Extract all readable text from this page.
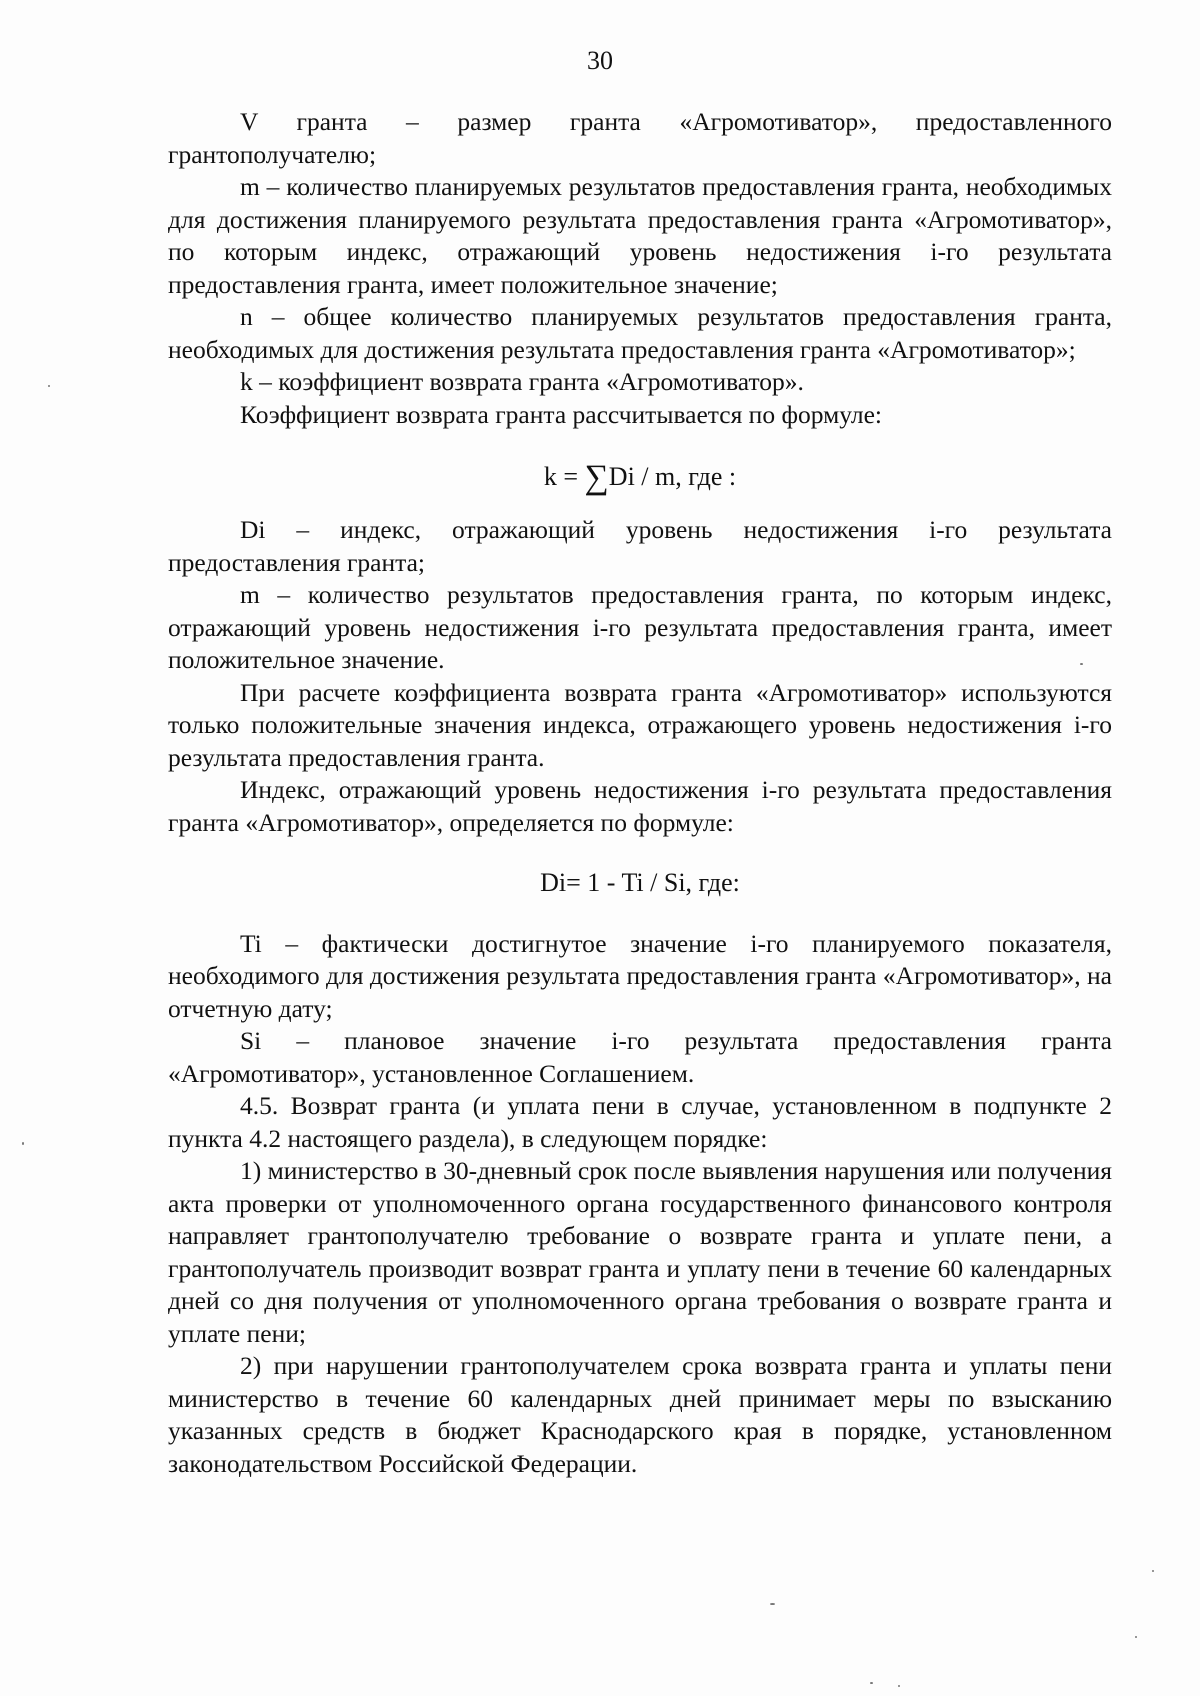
30

V гранта – размер гранта «Агромотиватор», предоставленного грантополучателю;

m – количество планируемых результатов предоставления гранта, необходимых для достижения планируемого результата предоставления гранта «Агромотиватор», по которым индекс, отражающий уровень недостижения i-го результата предоставления гранта, имеет положительное значение;

n – общее количество планируемых результатов предоставления гранта, необходимых для достижения результата предоставления гранта «Агромотиватор»;

k – коэффициент возврата гранта «Агромотиватор».

Коэффициент возврата гранта рассчитывается по формуле:

k = ∑Di / m, где :

Di – индекс, отражающий уровень недостижения i-го результата предоставления гранта;

m – количество результатов предоставления гранта, по которым индекс, отражающий уровень недостижения i-го результата предоставления гранта, имеет положительное значение.

При расчете коэффициента возврата гранта «Агромотиватор» используются только положительные значения индекса, отражающего уровень недостижения i-го результата предоставления гранта.

Индекс, отражающий уровень недостижения i-го результата предоставления гранта «Агромотиватор», определяется по формуле:

Di= 1 - Ti / Si, где:

Ti – фактически достигнутое значение i-го планируемого показателя, необходимого для достижения результата предоставления гранта «Агромотиватор», на отчетную дату;

Si – плановое значение i-го результата предоставления гранта «Агромотиватор», установленное Соглашением.

4.5. Возврат гранта (и уплата пени в случае, установленном в подпункте 2 пункта 4.2 настоящего раздела), в следующем порядке:

1) министерство в 30-дневный срок после выявления нарушения или получения акта проверки от уполномоченного органа государственного финансового контроля направляет грантополучателю требование о возврате гранта и уплате пени, а грантополучатель производит возврат гранта и уплату пени в течение 60 календарных дней со дня получения от уполномоченного органа требования о возврате гранта и уплате пени;

2) при нарушении грантополучателем срока возврата гранта и уплаты пени министерство в течение 60 календарных дней принимает меры по взысканию указанных средств в бюджет Краснодарского края в порядке, установленном законодательством Российской Федерации.
